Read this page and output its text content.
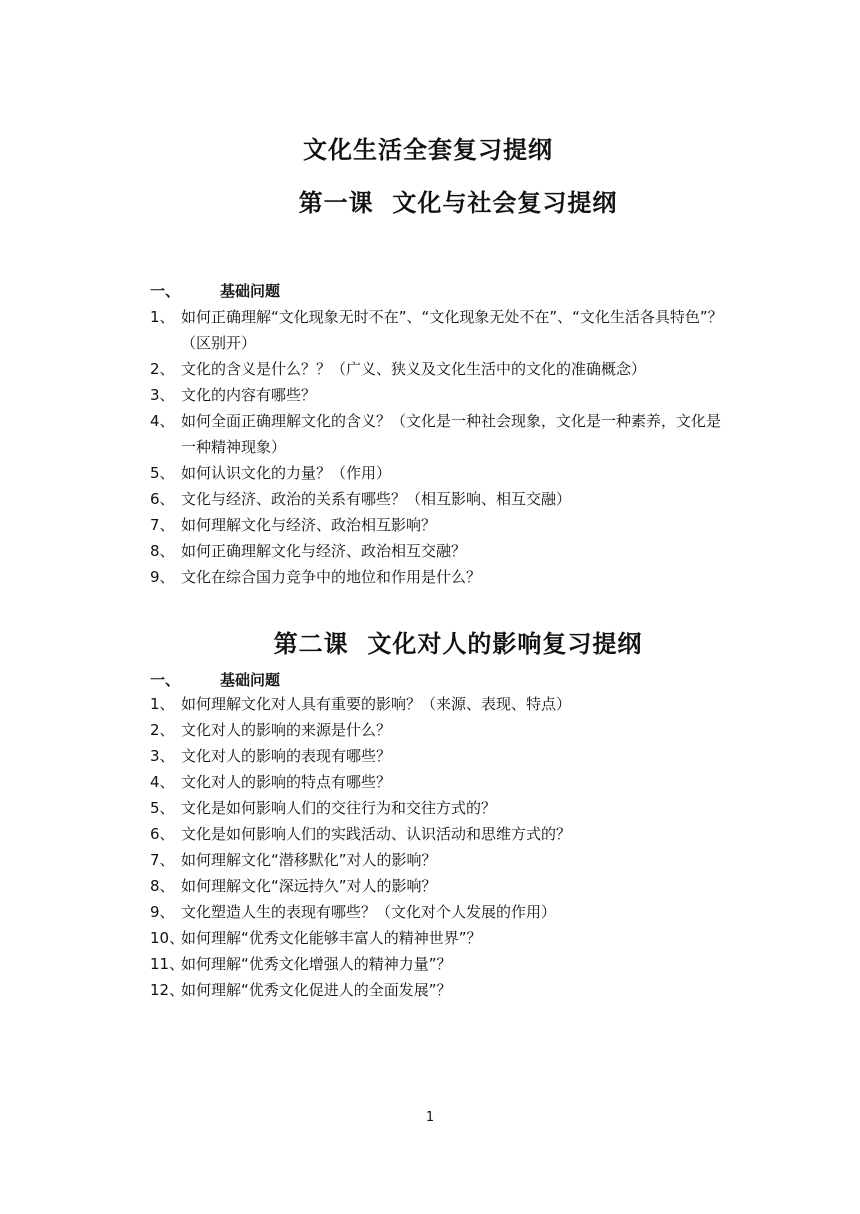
文化生活全套复习提纲
第一课  文化与社会复习提纲
一、	基础问题
1、 如何正确理解“文化现象无时不在”、“文化现象无处不在”、“文化生活各具特色”？（区别开）
2、 文化的含义是什么？？（广义、狭义及文化生活中的文化的准确概念）
3、 文化的内容有哪些？
4、 如何全面正确理解文化的含义？（文化是一种社会现象，文化是一种素养，文化是一种精神现象）
5、 如何认识文化的力量？（作用）
6、 文化与经济、政治的关系有哪些？（相互影响、相互交融）
7、 如何理解文化与经济、政治相互影响？
8、 如何正确理解文化与经济、政治相互交融？
9、 文化在综合国力竞争中的地位和作用是什么？
第二课  文化对人的影响复习提纲
一、	基础问题
1、 如何理解文化对人具有重要的影响？（来源、表现、特点）
2、 文化对人的影响的来源是什么？
3、 文化对人的影响的表现有哪些？
4、 文化对人的影响的特点有哪些？
5、 文化是如何影响人们的交往行为和交往方式的？
6、 文化是如何影响人们的实践活动、认识活动和思维方式的？
7、 如何理解文化“潜移默化”对人的影响？
8、 如何理解文化“深远持久”对人的影响？
9、 文化塑造人生的表现有哪些？（文化对个人发展的作用）
10、
如何理解“优秀文化能够丰富人的精神世界”？
11、
如何理解“优秀文化增强人的精神力量”？
12、
如何理解“优秀文化促进人的全面发展”？
1
